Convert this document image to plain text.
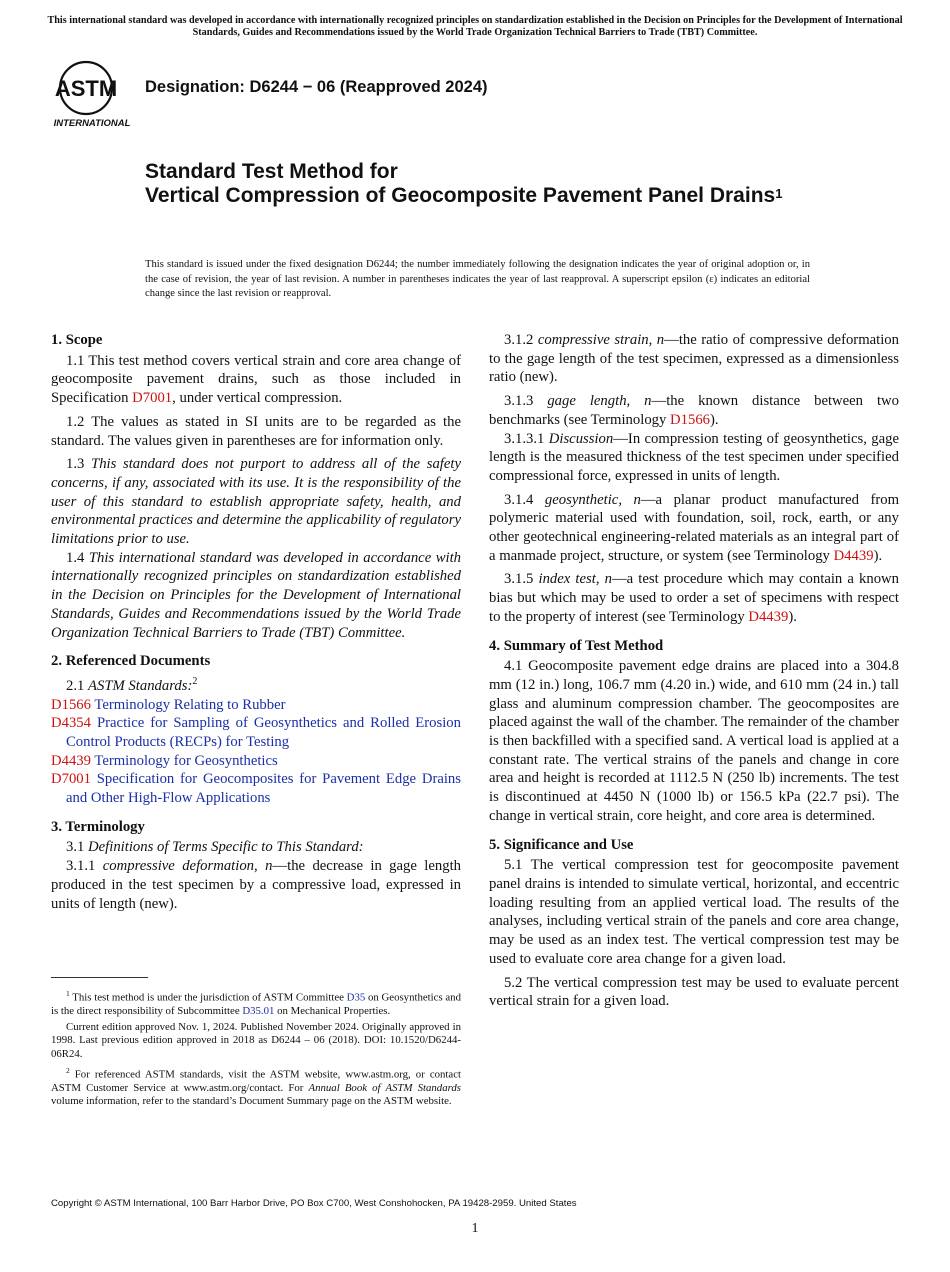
This international standard was developed in accordance with internationally recognized principles on standardization established in the Decision on Principles for the Development of International Standards, Guides and Recommendations issued by the World Trade Organization Technical Barriers to Trade (TBT) Committee.
ASTM
INTERNATIONAL
Designation: D6244 − 06 (Reapproved 2024)
Standard Test Method for
Vertical Compression of Geocomposite Pavement Panel Drains$^1$
This standard is issued under the fixed designation D6244; the number immediately following the designation indicates the year of original adoption or, in the case of revision, the year of last revision. A number in parentheses indicates the year of last reapproval. A superscript epsilon (ε) indicates an editorial change since the last revision or reapproval.

1. Scope

1.1 This test method covers vertical strain and core area change of geocomposite pavement drains, such as those included in Specification D7001, under vertical compression.

1.2 The values as stated in SI units are to be regarded as the standard. The values given in parentheses are for information only.

1.3 This standard does not purport to address all of the safety concerns, if any, associated with its use. It is the responsibility of the user of this standard to establish appropriate safety, health, and environmental practices and determine the applicability of regulatory limitations prior to use.

1.4 This international standard was developed in accordance with internationally recognized principles on standardization established in the Decision on Principles for the Development of International Standards, Guides and Recommendations issued by the World Trade Organization Technical Barriers to Trade (TBT) Committee.

2. Referenced Documents

2.1 ASTM Standards:$^2$

D1566 Terminology Relating to Rubber

D4354 Practice for Sampling of Geosynthetics and Rolled Erosion Control Products (RECPs) for Testing

D4439 Terminology for Geosynthetics

D7001 Specification for Geocomposites for Pavement Edge Drains and Other High-Flow Applications

3. Terminology

3.1 Definitions of Terms Specific to This Standard:

3.1.1 compressive deformation, n—the decrease in gage length produced in the test specimen by a compressive load, expressed in units of length (new).

$^1$ This test method is under the jurisdiction of ASTM Committee D35 on Geosynthetics and is the direct responsibility of Subcommittee D35.01 on Mechanical Properties.

Current edition approved Nov. 1, 2024. Published November 2024. Originally approved in 1998. Last previous edition approved in 2018 as D6244 – 06 (2018). DOI: 10.1520/D6244-06R24.

$^2$ For referenced ASTM standards, visit the ASTM website, www.astm.org, or contact ASTM Customer Service at www.astm.org/contact. For Annual Book of ASTM Standards volume information, refer to the standard’s Document Summary page on the ASTM website.

3.1.2 compressive strain, n—the ratio of compressive deformation to the gage length of the test specimen, expressed as a dimensionless ratio (new).

3.1.3 gage length, n—the known distance between two benchmarks (see Terminology D1566).

3.1.3.1 Discussion—In compression testing of geosynthetics, gage length is the measured thickness of the test specimen under specified compressional force, expressed in units of length.

3.1.4 geosynthetic, n—a planar product manufactured from polymeric material used with foundation, soil, rock, earth, or any other geotechnical engineering-related materials as an integral part of a manmade project, structure, or system (see Terminology D4439).

3.1.5 index test, n—a test procedure which may contain a known bias but which may be used to order a set of specimens with respect to the property of interest (see Terminology D4439).

4. Summary of Test Method

4.1 Geocomposite pavement edge drains are placed into a 304.8 mm (12 in.) long, 106.7 mm (4.20 in.) wide, and 610 mm (24 in.) tall glass and aluminum compression chamber. The geocomposites are placed against the wall of the chamber. The remainder of the chamber is then backfilled with a specified sand. A vertical load is applied at a constant rate. The vertical strains of the panels and change in core area and height is recorded at 1112.5 N (250 lb) increments. The test is discontinued at 4450 N (1000 lb) or 156.5 kPa (22.7 psi). The change in vertical strain, core height, and core area is determined.

5. Significance and Use

5.1 The vertical compression test for geocomposite pavement panel drains is intended to simulate vertical, horizontal, and eccentric loading resulting from an applied vertical load. The results of the analyses, including vertical strain of the panels and core area change, may be used as an index test. The vertical compression test may be used to evaluate core area change for a given load.

5.2 The vertical compression test may be used to evaluate percent vertical strain for a given load.

Copyright © ASTM International, 100 Barr Harbor Drive, PO Box C700, West Conshohocken, PA 19428-2959. United States
1
